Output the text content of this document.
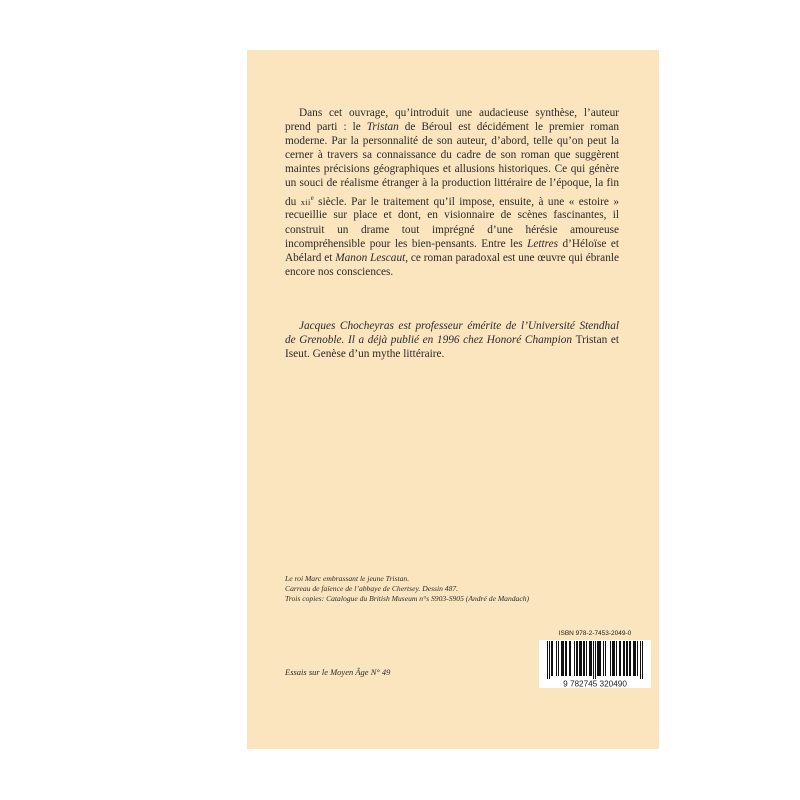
Dans cet ouvrage, qu’introduit une audacieuse synthèse, l’auteur prend parti : le Tristan de Béroul est décidément le premier roman moderne. Par la personnalité de son auteur, d’abord, telle qu’on peut la cerner à travers sa connaissance du cadre de son roman que suggèrent maintes précisions géographiques et allusions historiques. Ce qui génère un souci de réalisme étranger à la production littéraire de l’époque, la fin du xii$^e$ siècle. Par le traitement qu’il impose, ensuite, à une « estoire » recueillie sur place et dont, en visionnaire de scènes fascinantes, il construit un drame tout imprégné d’une hérésie amoureuse incompréhensible pour les bien-pensants. Entre les Lettres d’Héloïse et Abélard et Manon Lescaut, ce roman paradoxal est une œuvre qui ébranle encore nos consciences.

Jacques Chocheyras est professeur émérite de l’Université Stendhal de Grenoble. Il a déjà publié en 1996 chez Honoré Champion Tristan et Iseut. Genèse d’un mythe littéraire.

Le roi Marc embrassant le jeune Tristan.
Carreau de faïence de l’abbaye de Chertsey. Dessin 487.
Trois copies: Catalogue du British Museum n°s S903-S905 (André de Mandach)
Essais sur le Moyen Âge N° 49
ISBN 978-2-7453-2049-0
9 782745 320490
